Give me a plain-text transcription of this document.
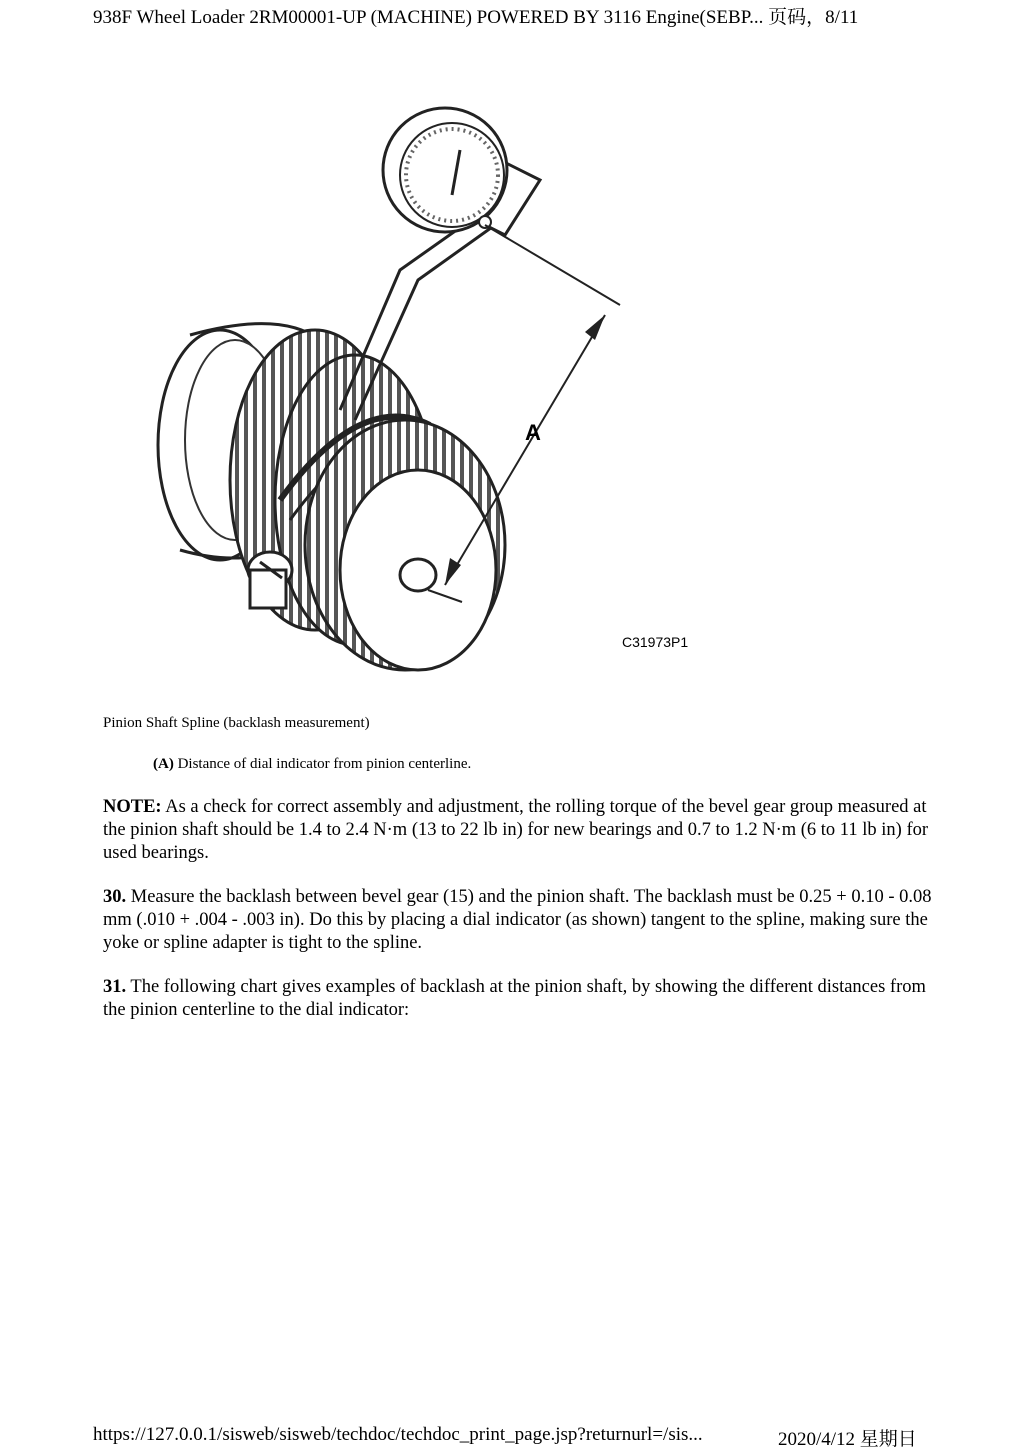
938F Wheel Loader 2RM00001-UP (MACHINE) POWERED BY 3116 Engine(SEBP... 页码，8/11
A
C31973P1
Pinion Shaft Spline (backlash measurement)
(A) Distance of dial indicator from pinion centerline.
NOTE: As a check for correct assembly and adjustment, the rolling torque of the bevel gear group measured at the pinion shaft should be 1.4 to 2.4 N·m (13 to 22 lb in) for new bearings and 0.7 to 1.2 N·m (6 to 11 lb in) for used bearings.
30. Measure the backlash between bevel gear (15) and the pinion shaft. The backlash must be 0.25 + 0.10 - 0.08 mm (.010 + .004 - .003 in). Do this by placing a dial indicator (as shown) tangent to the spline, making sure the yoke or spline adapter is tight to the spline.
31. The following chart gives examples of backlash at the pinion shaft, by showing the different distances from the pinion centerline to the dial indicator:
https://127.0.0.1/sisweb/sisweb/techdoc/techdoc_print_page.jsp?returnurl=/sis...	2020/4/12 星期日
